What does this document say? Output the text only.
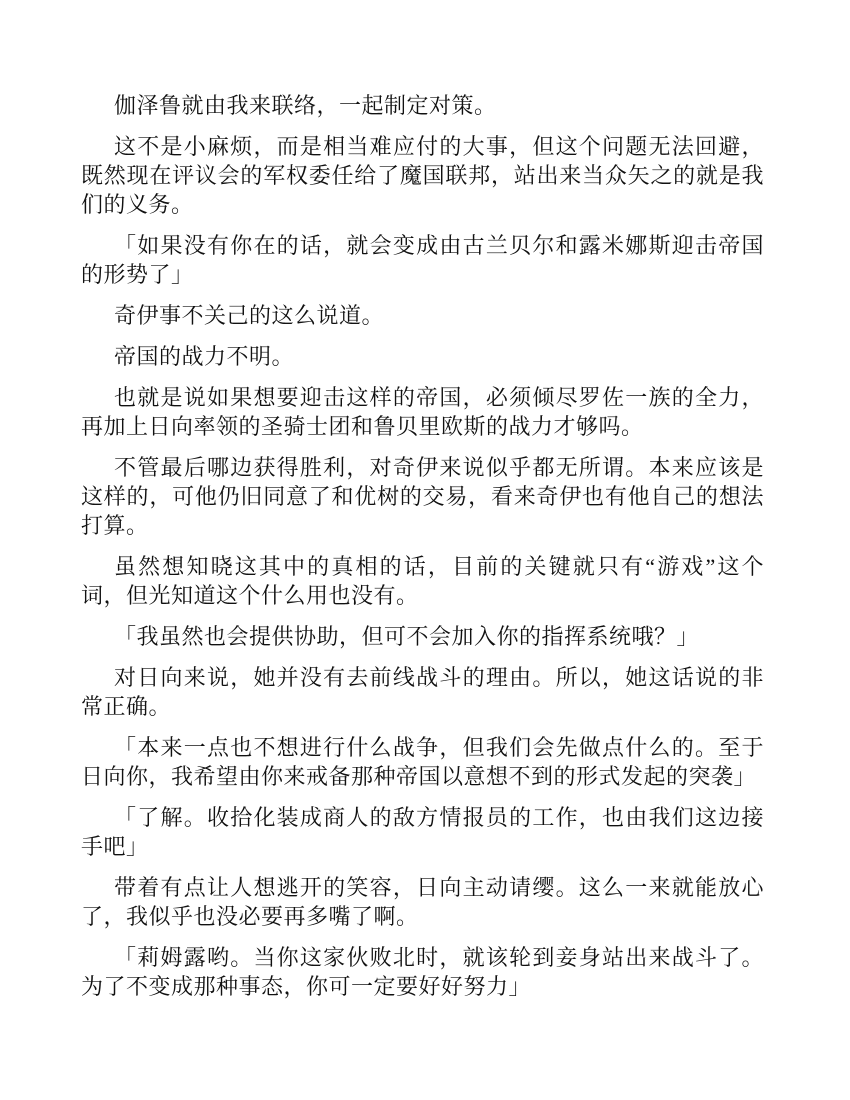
伽泽鲁就由我来联络，一起制定对策。

这不是小麻烦，而是相当难应付的大事，但这个问题无法回避，既然现在评议会的军权委任给了魔国联邦，站出来当众矢之的就是我们的义务。

「如果没有你在的话，就会变成由古兰贝尔和露米娜斯迎击帝国的形势了」

奇伊事不关己的这么说道。

帝国的战力不明。

也就是说如果想要迎击这样的帝国，必须倾尽罗佐一族的全力，再加上日向率领的圣骑士团和鲁贝里欧斯的战力才够吗。

不管最后哪边获得胜利，对奇伊来说似乎都无所谓。本来应该是这样的，可他仍旧同意了和优树的交易，看来奇伊也有他自己的想法打算。

虽然想知晓这其中的真相的话，目前的关键就只有“游戏”这个词，但光知道这个什么用也没有。

「我虽然也会提供协助，但可不会加入你的指挥系统哦？」

对日向来说，她并没有去前线战斗的理由。所以，她这话说的非常正确。

「本来一点也不想进行什么战争，但我们会先做点什么的。至于日向你，我希望由你来戒备那种帝国以意想不到的形式发起的突袭」

「了解。收拾化装成商人的敌方情报员的工作，也由我们这边接手吧」

带着有点让人想逃开的笑容，日向主动请缨。这么一来就能放心了，我似乎也没必要再多嘴了啊。

「莉姆露哟。当你这家伙败北时，就该轮到妾身站出来战斗了。为了不变成那种事态，你可一定要好好努力」
